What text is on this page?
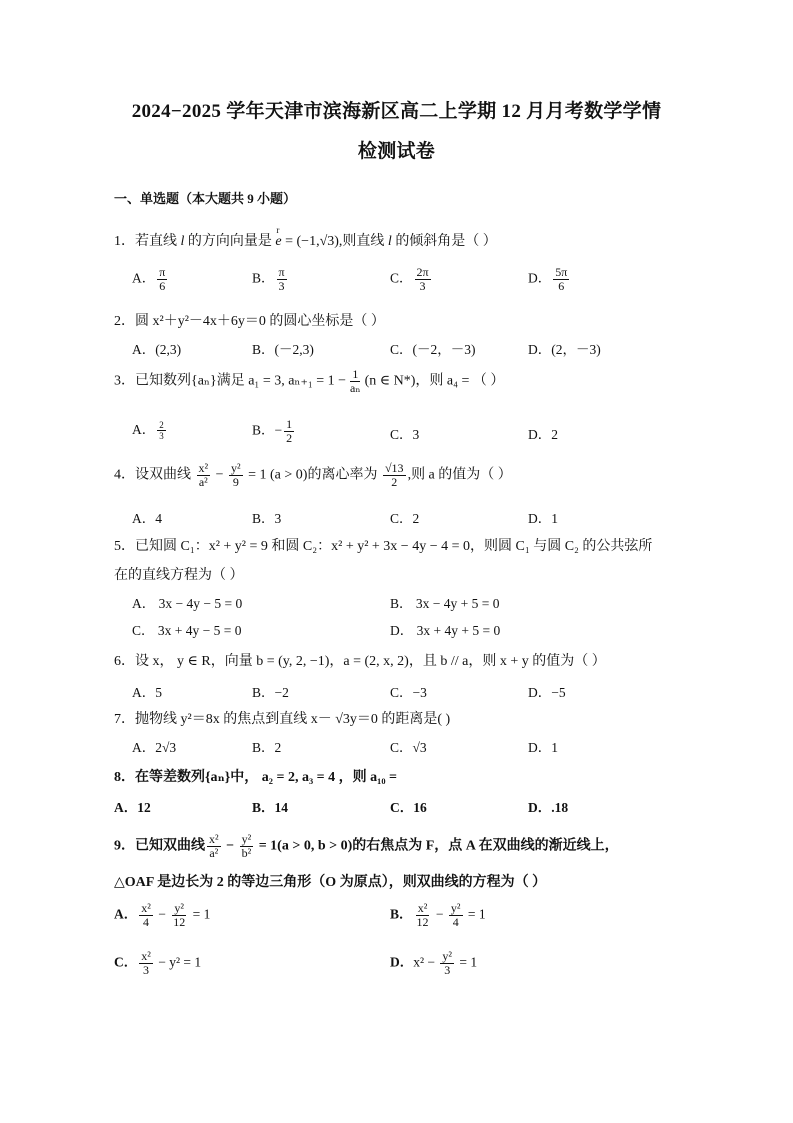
2024−2025 学年天津市滨海新区高二上学期 12 月月考数学学情
检测试卷
一、单选题（本大题共 9 小题）
1．若直线 l 的方向向量是
r
e = (−1,√3),则直线 l 的倾斜角是（ ）
A． $\frac{\pi}{6}$	B． $\frac{\pi}{3}$	C． $\frac{2\pi}{3}$	D． $\frac{5\pi}{6}$
2．圆 x²＋y²－4x＋6y＝0 的圆心坐标是（ ）
A．(2,3)	B．(－2,3)	C．(－2，－3)	D．(2，－3)
3．已知数列{aₙ}满足 a₁ = 3, $a_{n+1} = 1 - \frac{1}{\text{aₙ}} (n$ ∈ N*)，则 a₄ = （ ）
A． $\frac{2}{3}$	B．− $\frac{1}{2}$	C．3	D．2
4．设双曲线 $\frac{\text{x²}}{\text{a²}} - \frac{\text{y²}}{9} = 1$ (a > 0)的离心率为 $\frac{√13}{2}$ ,则 a 的值为（ ）
A．4	B．3	C．2	D．1
5．已知圆 C₁：x² + y² = 9 和圆 C₂：x² + y² + 3x − 4y − 4 = 0，则圆 C₁ 与圆 C₂ 的公共弦所
在的直线方程为（ ）
A． 3x − 4y − 5 = 0	B． 3x − 4y + 5 = 0
C． 3x + 4y − 5 = 0	D． 3x + 4y + 5 = 0
6．设 x， y ∈ R，向量 b = (y, 2, −1)，a = (2, x, 2)，且 b // a，则 x + y 的值为（ ）
A．5	B．−2	C．−3	D．−5
7．抛物线 y²＝8x 的焦点到直线 x－ √3y＝0 的距离是( )
A．2√3	B．2	C．√3	D．1
8．在等差数列{aₙ}中， a₂ = 2, a₃ = 4 ，则 a₁₀ =
A．12	B．14	C．16	D．.18
9．已知双曲线 $\frac{\text{x²}}{\text{a²}} - \frac{\text{y²}}{\text{b²}} = 1(a > 0$, b > 0)的右焦点为 F，点 A 在双曲线的渐近线上，
△OAF 是边长为 2 的等边三角形（O 为原点），则双曲线的方程为（ ）
A． $\frac{\text{x²}}{4} - \frac{\text{y²}}{12} = 1$	B． $\frac{\text{x²}}{12} - \frac{\text{y²}}{4} = 1$
C． $\frac{\text{x²}}{3} - y^2 = 1$	D．$x^2 - \frac{\text{y²}}{3} = 1$
